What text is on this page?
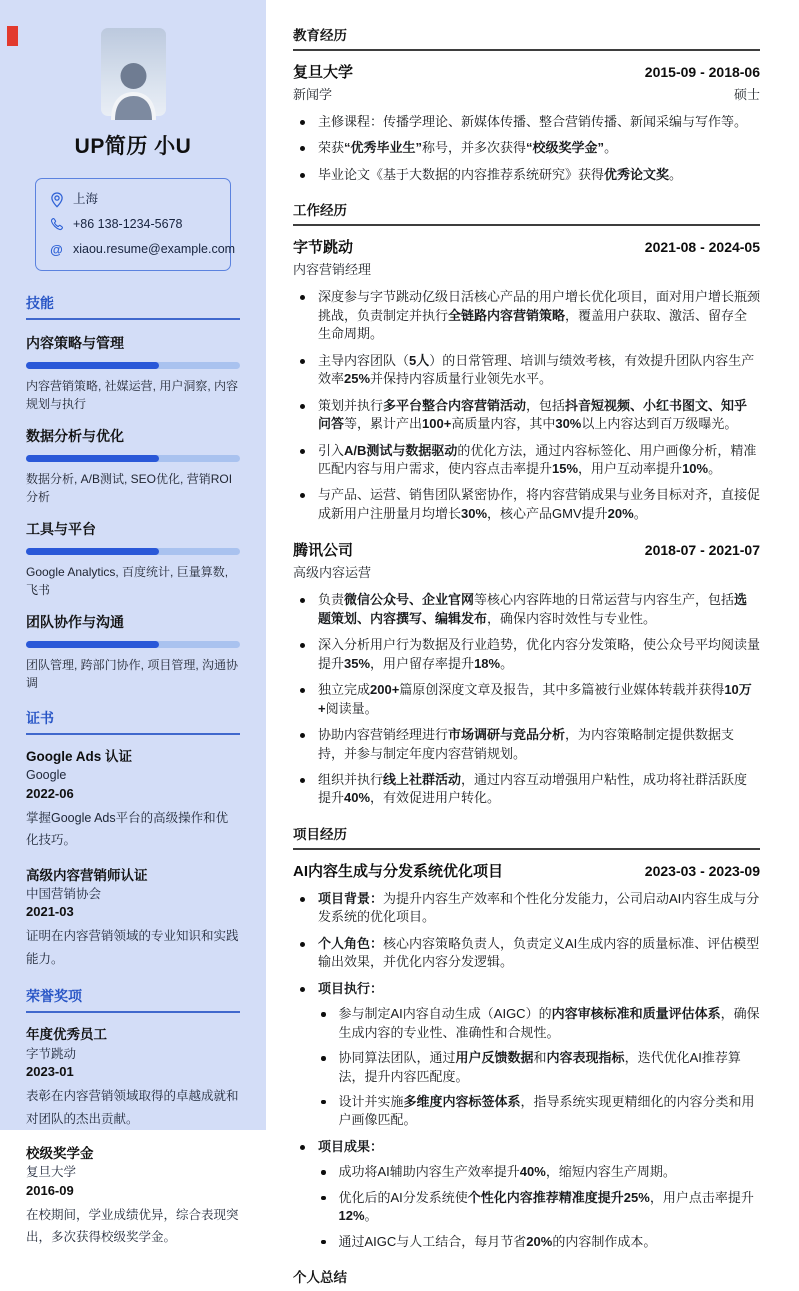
UP简历 小U
上海
+86 138-1234-5678
@ xiaou.resume@example.com
技能
内容策略与管理
内容营销策略, 社媒运营, 用户洞察, 内容规划与执行
数据分析与优化
数据分析, A/B测试, SEO优化, 营销ROI分析
工具与平台
Google Analytics, 百度统计, 巨量算数, 飞书
团队协作与沟通
团队管理, 跨部门协作, 项目管理, 沟通协调
证书
Google Ads 认证
Google
2022-06
掌握Google Ads平台的高级操作和优化技巧。
高级内容营销师认证
中国营销协会
2021-03
证明在内容营销领域的专业知识和实践能力。
荣誉奖项
年度优秀员工
字节跳动
2023-01
表彰在内容营销领域取得的卓越成就和对团队的杰出贡献。
校级奖学金
复旦大学
2016-09
在校期间，学业成绩优异，综合表现突出，多次获得校级奖学金。
教育经历
复旦大学	2015-09 - 2018-06
新闻学	硕士
主修课程：传播学理论、新媒体传播、整合营销传播、新闻采编与写作等。
荣获“优秀毕业生”称号，并多次获得“校级奖学金”。
毕业论文《基于大数据的内容推荐系统研究》获得优秀论文奖。
工作经历
字节跳动	2021-08 - 2024-05
内容营销经理
深度参与字节跳动亿级日活核心产品的用户增长优化项目，面对用户增长瓶颈挑战，负责制定并执行全链路内容营销策略，覆盖用户获取、激活、留存全生命周期。
主导内容团队（5人）的日常管理、培训与绩效考核，有效提升团队内容生产效率25%并保持内容质量行业领先水平。
策划并执行多平台整合内容营销活动，包括抖音短视频、小红书图文、知乎问答等，累计产出100+高质量内容，其中30%以上内容达到百万级曝光。
引入A/B测试与数据驱动的优化方法，通过内容标签化、用户画像分析，精准匹配内容与用户需求，使内容点击率提升15%，用户互动率提升10%。
与产品、运营、销售团队紧密协作，将内容营销成果与业务目标对齐，直接促成新用户注册量月均增长30%，核心产品GMV提升20%。
腾讯公司	2018-07 - 2021-07
高级内容运营
负责微信公众号、企业官网等核心内容阵地的日常运营与内容生产，包括选题策划、内容撰写、编辑发布，确保内容时效性与专业性。
深入分析用户行为数据及行业趋势，优化内容分发策略，使公众号平均阅读量提升35%，用户留存率提升18%。
独立完成200+篇原创深度文章及报告，其中多篇被行业媒体转载并获得10万+阅读量。
协助内容营销经理进行市场调研与竞品分析，为内容策略制定提供数据支持，并参与制定年度内容营销规划。
组织并执行线上社群活动，通过内容互动增强用户粘性，成功将社群活跃度提升40%，有效促进用户转化。
项目经历
AI内容生成与分发系统优化项目	2023-03 - 2023-09
项目背景：为提升内容生产效率和个性化分发能力，公司启动AI内容生成与分发系统的优化项目。
个人角色：核心内容策略负责人，负责定义AI生成内容的质量标准、评估模型输出效果，并优化内容分发逻辑。
项目执行：
参与制定AI内容自动生成（AIGC）的内容审核标准和质量评估体系，确保生成内容的专业性、准确性和合规性。
协同算法团队，通过用户反馈数据和内容表现指标，迭代优化AI推荐算法，提升内容匹配度。
设计并实施多维度内容标签体系，指导系统实现更精细化的内容分类和用户画像匹配。
项目成果：
成功将AI辅助内容生产效率提升40%，缩短内容生产周期。
优化后的AI分发系统使个性化内容推荐精准度提升25%，用户点击率提升12%。
通过AIGC与人工结合，每月节省20%的内容制作成本。
个人总结
